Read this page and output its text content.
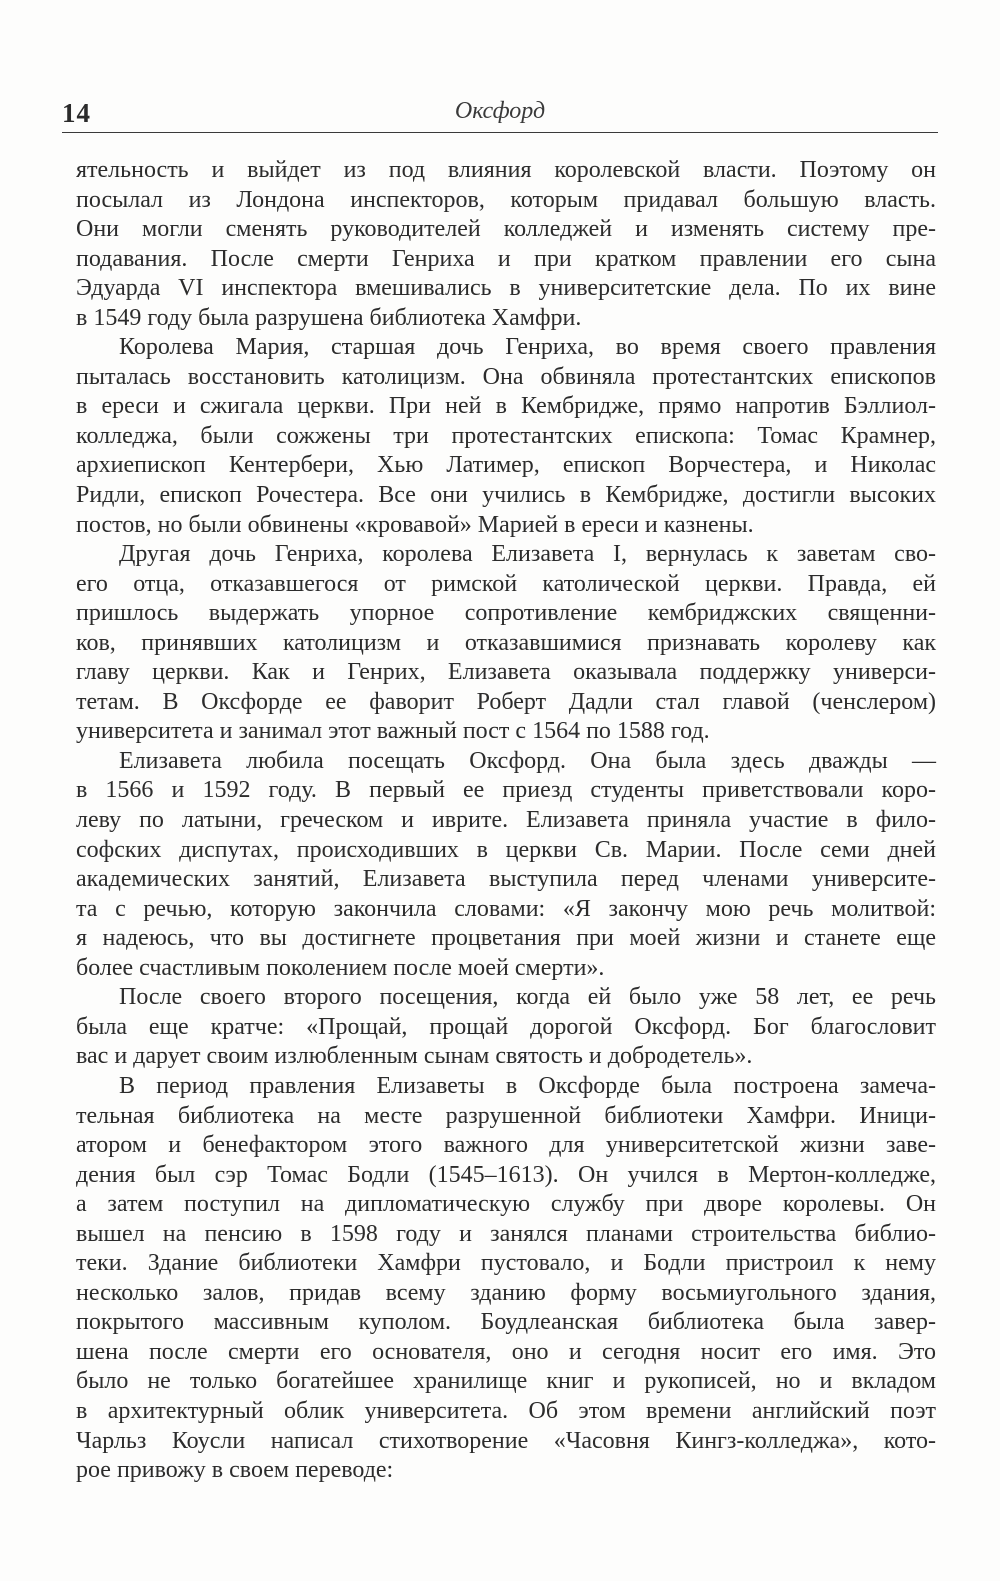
14	Оксфорд
ятельность и выйдет из под влияния королевской власти. Поэтому он
посылал из Лондона инспекторов, которым придавал большую власть.
Они могли сменять руководителей колледжей и изменять систему пре-
подавания. После смерти Генриха и при кратком правлении его сына
Эдуарда VI инспектора вмешивались в университетские дела. По их вине
в 1549 году была разрушена библиотека Хамфри.
Королева Мария, старшая дочь Генриха, во время своего правления
пыталась восстановить католицизм. Она обвиняла протестантских епископов
в ереси и сжигала церкви. При ней в Кембридже, прямо напротив Бэллиол-
колледжа, были сожжены три протестантских епископа: Томас Крамнер,
архиепископ Кентербери, Хью Латимер, епископ Ворчестера, и Николас
Ридли, епископ Рочестера. Все они учились в Кембридже, достигли высоких
постов, но были обвинены «кровавой» Марией в ереси и казнены.
Другая дочь Генриха, королева Елизавета I, вернулась к заветам сво-
его отца, отказавшегося от римской католической церкви. Правда, ей
пришлось выдержать упорное сопротивление кембриджских священни-
ков, принявших католицизм и отказавшимися признавать королеву как
главу церкви. Как и Генрих, Елизавета оказывала поддержку универси-
тетам. В Оксфорде ее фаворит Роберт Дадли стал главой (ченслером)
университета и занимал этот важный пост с 1564 по 1588 год.
Елизавета любила посещать Оксфорд. Она была здесь дважды —
в 1566 и 1592 году. В первый ее приезд студенты приветствовали коро-
леву по латыни, греческом и иврите. Елизавета приняла участие в фило-
софских диспутах, происходивших в церкви Св. Марии. После семи дней
академических занятий, Елизавета выступила перед членами университе-
та с речью, которую закончила словами: «Я закончу мою речь молитвой:
я надеюсь, что вы достигнете процветания при моей жизни и станете еще
более счастливым поколением после моей смерти».
После своего второго посещения, когда ей было уже 58 лет, ее речь
была еще кратче: «Прощай, прощай дорогой Оксфорд. Бог благословит
вас и дарует своим излюбленным сынам святость и добродетель».
В период правления Елизаветы в Оксфорде была построена замеча-
тельная библиотека на месте разрушенной библиотеки Хамфри. Иници-
атором и бенефактором этого важного для университетской жизни заве-
дения был сэр Томас Бодли (1545–1613). Он учился в Мертон-колледже,
а затем поступил на дипломатическую службу при дворе королевы. Он
вышел на пенсию в 1598 году и занялся планами строительства библио-
теки. Здание библиотеки Хамфри пустовало, и Бодли пристроил к нему
несколько залов, придав всему зданию форму восьмиугольного здания,
покрытого массивным куполом. Боудлеанская библиотека была завер-
шена после смерти его основателя, оно и сегодня носит его имя. Это
было не только богатейшее хранилище книг и рукописей, но и вкладом
в архитектурный облик университета. Об этом времени английский поэт
Чарльз Коусли написал стихотворение «Часовня Кингз-колледжа», кото-
рое привожу в своем переводе:
